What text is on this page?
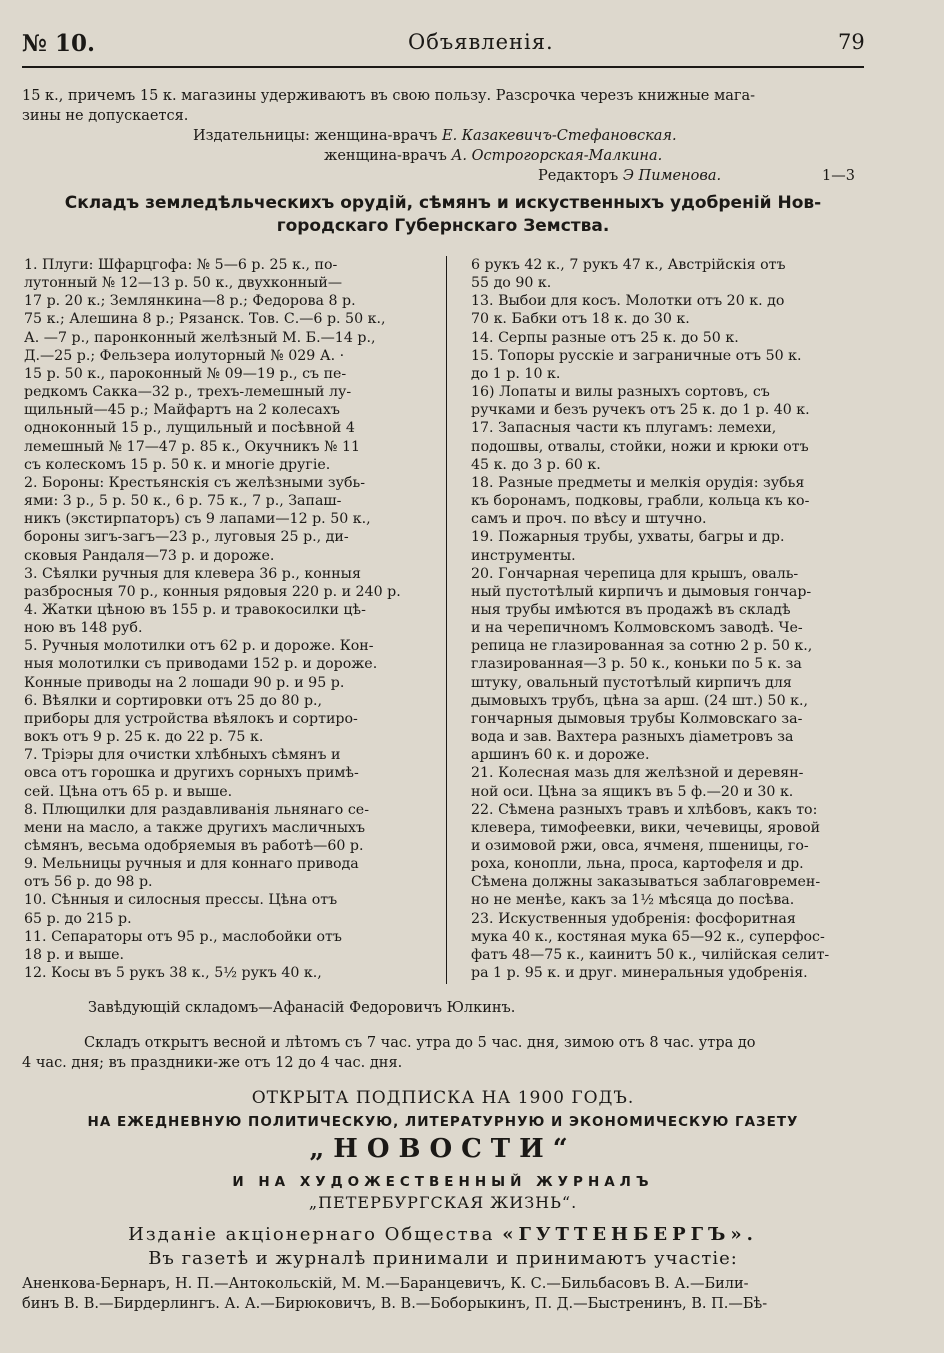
№ 10.	Объявленія.	79
15 к., причемъ 15 к. магазины удерживаютъ въ свою пользу. Разсрочка черезъ книжные мага-
зины не допускается.
Издательницы: женщина-врачъ Е. Казакевичъ-Стефановская.
женщина-врачъ А. Острогорская-Малкина.
Редакторъ Э Пименова.	1—3
Складъ земледѣльческихъ орудій, сѣмянъ и искуственныхъ удобреній Нов-
городскаго Губернскаго Земства.
1. Плуги: Шфарцгофа: № 5—6 р. 25 к., по-
лутонный № 12—13 р. 50 к., двухконный—
17 р. 20 к.; Землянкина—8 р.; Федорова 8 р.
75 к.; Алешина 8 р.; Рязанск. Тов. С.—6 р. 50 к.,
А. —7 р., паронконный желѣзный М. Б.—14 р.,
Д.—25 р.; Фельзера иолуторный № 029 А. ·
15 р. 50 к., пароконный № 09—19 р., съ пе-
редкомъ Сакка—32 р., трехъ-лемешный лу-
щильный—45 р.; Майфартъ на 2 колесахъ
одноконный 15 р., лущильный и посѣвной 4
лемешный № 17—47 р. 85 к., Окучникъ № 11
съ колескомъ 15 р. 50 к. и многіе другіе.
2. Бороны: Крестьянскія съ желѣзными зубь-
ями: 3 р., 5 р. 50 к., 6 р. 75 к., 7 р., Запаш-
никъ (экстирпаторъ) съ 9 лапами—12 р. 50 к.,
бороны зигъ-загъ—23 р., луговыя 25 р., ди-
сковыя Рандаля—73 р. и дороже.
3. Сѣялки ручныя для клевера 36 р., конныя
разбросныя 70 р., конныя рядовыя 220 р. и 240 р.
4. Жатки цѣною въ 155 р. и травокосилки цѣ-
ною въ 148 руб.
5. Ручныя молотилки отъ 62 р. и дороже. Кон-
ныя молотилки съ приводами 152 р. и дороже.
Конные приводы на 2 лошади 90 р. и 95 р.
6. Вѣялки и сортировки отъ 25 до 80 р.,
приборы для устройства вѣялокъ и сортиро-
вокъ отъ 9 р. 25 к. до 22 р. 75 к.
7. Тріэры для очистки хлѣбныхъ сѣмянъ и
овса отъ горошка и другихъ сорныхъ примѣ-
сей. Цѣна отъ 65 р. и выше.
8. Плющилки для раздавливанія льнянаго се-
мени на масло, а также другихъ масличныхъ
сѣмянъ, весьма одобряемыя въ работѣ—60 р.
9. Мельницы ручныя и для коннаго привода
отъ 56 р. до 98 р.
10. Сѣнныя и силосныя прессы. Цѣна отъ
65 р. до 215 р.
11. Сепараторы отъ 95 р., маслобойки отъ
18 р. и выше.
12. Косы въ 5 рукъ 38 к., 5½ рукъ 40 к.,
6 рукъ 42 к., 7 рукъ 47 к., Австрійскія отъ
55 до 90 к.
13. Выбои для косъ. Молотки отъ 20 к. до
70 к. Бабки отъ 18 к. до 30 к.
14. Серпы разные отъ 25 к. до 50 к.
15. Топоры русскіе и заграничные отъ 50 к.
до 1 р. 10 к.
16) Лопаты и вилы разныхъ сортовъ, съ
ручками и безъ ручекъ отъ 25 к. до 1 р. 40 к.
17. Запасныя части къ плугамъ: лемехи,
подошвы, отвалы, стойки, ножи и крюки отъ
45 к. до 3 р. 60 к.
18. Разные предметы и мелкія орудія: зубья
къ боронамъ, подковы, грабли, кольца къ ко-
самъ и проч. по вѣсу и штучно.
19. Пожарныя трубы, ухваты, багры и др.
инструменты.
20. Гончарная черепица для крышъ, оваль-
ный пустотѣлый кирпичъ и дымовыя гончар-
ныя трубы имѣются въ продажѣ въ складѣ
и на черепичномъ Колмовскомъ заводѣ. Че-
репица не глазированная за сотню 2 р. 50 к.,
глазированная—3 р. 50 к., коньки по 5 к. за
штуку, овальный пустотѣлый кирпичъ для
дымовыхъ трубъ, цѣна за арш. (24 шт.) 50 к.,
гончарныя дымовыя трубы Колмовскаго за-
вода и зав. Вахтера разныхъ діаметровъ за
аршинъ 60 к. и дороже.
21. Колесная мазь для желѣзной и деревян-
ной оси. Цѣна за ящикъ въ 5 ф.—20 и 30 к.
22. Сѣмена разныхъ травъ и хлѣбовъ, какъ то:
клевера, тимофеевки, вики, чечевицы, яровой
и озимовой ржи, овса, ячменя, пшеницы, го-
роха, конопли, льна, проса, картофеля и др.
Сѣмена должны заказываться заблаговремен-
но не менѣе, какъ за 1½ мѣсяца до посѣва.
23. Искуственныя удобренія: фосфоритная
мука 40 к., костяная мука 65—92 к., суперфос-
фатъ 48—75 к., каинитъ 50 к., чилійская селит-
ра 1 р. 95 к. и друг. минеральныя удобренія.
Завѣдующій складомъ—Афанасій Федоровичъ Юлкинъ.
Складъ открытъ весной и лѣтомъ съ 7 час. утра до 5 час. дня, зимою отъ 8 час. утра до
4 час. дня; въ праздники-же отъ 12 до 4 час. дня.
ОТКРЫТА ПОДПИСКА НА 1900 ГОДЪ.
НА ЕЖЕДНЕВНУЮ ПОЛИТИЧЕСКУЮ, ЛИТЕРАТУРНУЮ И ЭКОНОМИЧЕСКУЮ ГАЗЕТУ
„НОВОСТИ“
И НА ХУДОЖЕСТВЕННЫЙ ЖУРНАЛЪ
„ПЕТЕРБУРГСКАЯ ЖИЗНЬ“.
Изданіе акціонернаго Общества «ГУТТЕНБЕРГЪ».
Въ газетѣ и журналѣ принимали и принимаютъ участіе:
Аненкова-Бернаръ, Н. П.—Антокольскій, М. М.—Баранцевичъ, К. С.—Бильбасовъ В. А.—Били-
бинъ В. В.—Бирдерлингъ. А. А.—Бирюковичъ, В. В.—Боборыкинъ, П. Д.—Быстренинъ, В. П.—Бѣ-
